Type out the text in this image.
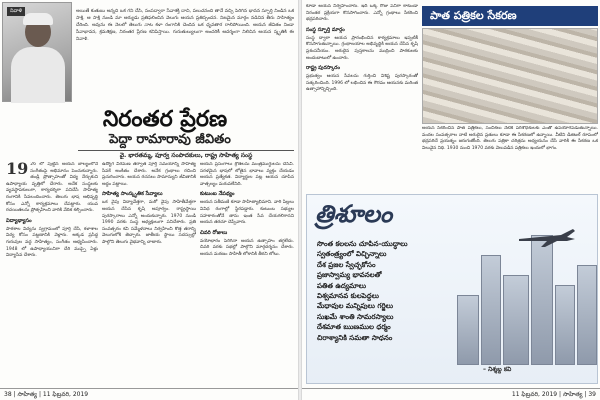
నివాళి	అయితే కుతుబు అన్నది ఒక గని చేసి, సంపద్వారా సేవాశక్తి దాచి, పలుచనంది తానే వచ్చి పెరిగిన భావన స్ఫూర్తి నిండిన ఒక సాక్షి. ఆ సాక్షి నుండి మా ఆర్యుడు ప్రతిఫలించిన వెలుగు ఆయన ప్రతిస్పందన. నిజమైన మార్గం నడిచిన తీరు సాహిత్యం చేరింది. అవును ఈ నెలలో తెలుగు నాట కళా రంగానికి చెందిన ఒక ధృవతార రాలిపోయింది. ఆయన జీవితం నిండా సేవాభావన, క్రమశిక్షణ, నిరంతర ప్రేరణ కనిపిస్తాయి. గురుతుల్యులుగా అందరికీ ఆదర్శంగా నిలిచిన ఆయన స్మృతికి ఈ నివాళి.
నిరంతర ప్రేరణ
పెద్దా రామారావు జీవితం
వై. భారతమ్మ, పూర్వ సంపాదకులు, రాష్ట్ర సాహిత్య సంస్థ

19 26 లో పుట్టిన ఆయన బాల్యంలోనే సంగీతంపై అభిమానం పెంచుకున్నారు. తండ్రి ప్రోత్సాహంతో విద్య నేర్చుకుని ఉపాధ్యాయ వృత్తిలో చేరారు. అనేక సంస్థలకు వ్యవస్థాపకులుగా, కార్యదర్శిగా పనిచేసి సాహిత్య రంగానికి సేవలందించారు. తెలుగు భాష అభివృద్ధి కోసం ఎన్నో కార్యక్రమాలు చేపట్టారు. యువ రచయితలను ప్రోత్సహించి వారికి వేదిక కల్పించారు.

విద్యాభ్యాసం

పాఠశాల విద్యను స్వగ్రామంలో పూర్తి చేసి, కళాశాల విద్య కోసం పట్టణానికి వెళ్లారు. అక్కడ ప్రసిద్ధ గురువుల వద్ద సాహిత్యం, సంగీతం అభ్యసించారు. 1948 లో ఉపాధ్యాయునిగా చేరి ముప్పై ఏళ్లు విద్యాసేవ చేశారు.

ఉద్యోగ విరమణ తర్వాత పూర్తి సమయాన్ని సాహిత్య సేవకే అంకితం చేశారు. అనేక గ్రంథాలు రచించి ప్రచురించారు. ఆయన రచనలు సామాన్యుని జీవితానికి అద్దం పట్టాయి.

సాహిత్య సాంస్కృతిక సేవ్యాలు

ఒక వైపు విద్యావేత్తగా, మరో వైపు సాహితీవేత్తగా ఆయన చేసిన కృషి అపూర్వం. రాష్ట్రస్థాయి పురస్కారాలు ఎన్నో అందుకున్నారు. 1970 నుండి 1990 వరకు సంస్థ అధ్యక్షులుగా పనిచేశారు. ప్రతి సంవత్సరం కవి సమ్మేళనాలు నిర్వహించి కొత్త తరాన్ని వెలుగులోకి తెచ్చారు. జాతీయ స్థాయి సదస్సుల్లో పాల్గొని తెలుగు వైభవాన్ని చాటారు.

ఆయన ప్రసంగాలు శ్రోతలను మంత్రముగ్ధులను చేసేవి. సరళమైన భాషలో లోతైన భావాలు వ్యక్తం చేయడం ఆయన ప్రత్యేకత. విద్యార్థుల పట్ల ఆయన చూపిన వాత్సల్యం మరువలేనిది.

కుటుంబ నేపథ్యం

ఆయన సతీమణి కూడా సాహిత్యాభిమాని. వారి పిల్లలు వివిధ రంగాల్లో స్థిరపడ్డారు. కుటుంబ సభ్యుల సహకారంతోనే తాను ఇంత సేవ చేయగలిగానని ఆయన తరచూ చెప్పేవారు.

చివరి రోజులు

వయోభారం పెరిగినా ఆయన ఉత్సాహం తగ్గలేదు. చివరి వరకు సభల్లో పాల్గొని మార్గదర్శనం చేశారు. ఆయన మరణం సాహితీ లోకానికి తీరని లోటు.

38 | సాహిత్య | 11 ఫిబ్రవరి, 2019

కూడా ఆయన నిర్వహించారు. ఇది ఒక్క రోజు పనిగా కాకుండా నిరంతర ప్రక్రియగా కొనసాగించారు. ఎన్నో గ్రంథాలు సేకరించి భద్రపరిచారు.

సంస్థ స్ఫూర్తి మార్గం

సంస్థ ద్వారా ఆయన ప్రారంభించిన కార్యక్రమాలు ఇప్పటికీ కొనసాగుతున్నాయి. గ్రంథాలయాల అభివృద్ధికి ఆయన చేసిన కృషి ప్రశంసనీయం. అరుదైన పుస్తకాలను ముద్రించి పాఠకులకు అందుబాటులో ఉంచారు.

రాష్ట్ర పురస్కారం

ప్రభుత్వం ఆయన సేవలను గుర్తించి విశిష్ట పురస్కారంతో సత్కరించింది. 1996 లో లభించిన ఈ గౌరవం ఆయనకు మరింత ఉత్సాహాన్నిచ్చింది.

పాత పత్రికల సేకరణ

ఆయన సేకరించిన పాత పత్రికలు, సంచికలు నేటికీ పరిశోధకులకు ఎంతో ఉపయోగపడుతున్నాయి. వందల సంవత్సరాల నాటి అరుదైన ప్రతులు కూడా ఈ సేకరణలో ఉన్నాయి. వీటిని డిజిటల్ రూపంలో భద్రపరిచే ప్రయత్నం జరుగుతోంది. తెలుగు పత్రికా చరిత్రను అధ్యయనం చేసే వారికి ఈ సేకరణ ఒక విలువైన నిధి. 1930 నుంచి 1970 వరకు వెలువడిన పత్రికలు ఇందులో భాగం.

త్రిశూలం
సొంత కలలను చూపిన-యుద్ధాలు
స్వతంత్ర్యంలో విచ్ఛిన్నాలు
దేశ ప్రజల స్వేచ్ఛకోసం
ప్రజాస్వామ్య భావనలతో
పతిత ఉద్యమాలు
విశ్వమానవ కులపెద్దలు
మేధావుల మన్నిపులు గర్జిలు
సుఖమే శాంతి సామరస్యాలు
దేశమాత ఋణముల ధర్మం
చిరాశ్యానికి సమతా సాధనం
– నిశ్శబ్ద కవి
11 ఫిబ్రవరి, 2019 | సాహిత్య | 39
